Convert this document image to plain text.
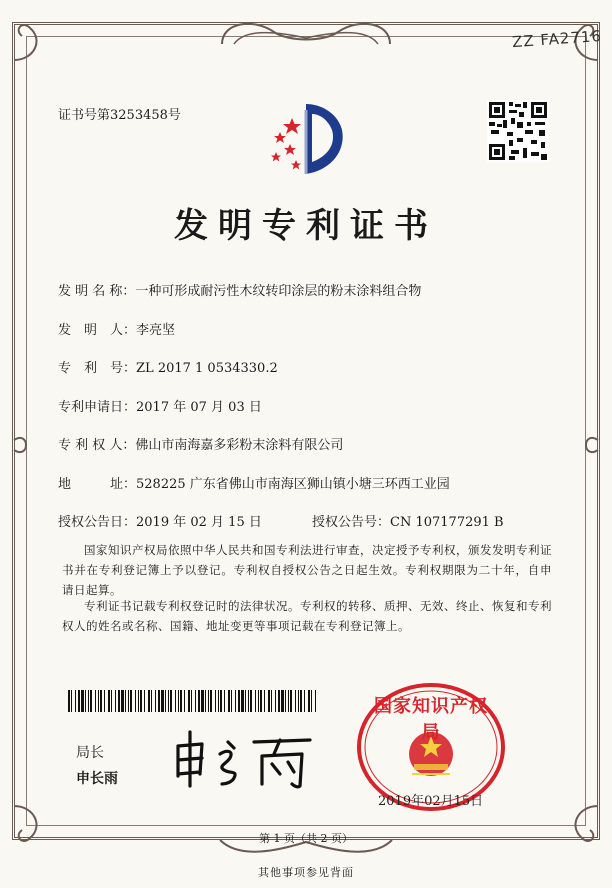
ZZ FA2716
证书号第3253458号
发明专利证书
发 明 名 称：一种可形成耐污性木纹转印涂层的粉末涂料组合物
发　明　人：李亮坚
专　利　号：ZL 2017 1 0534330.2
专利申请日：2017 年 07 月 03 日
专 利 权 人：佛山市南海嘉多彩粉末涂料有限公司
地　　　址：528225 广东省佛山市南海区狮山镇小塘三环西工业园
授权公告日：2019 年 02 月 15 日	授权公告号：CN 107177291 B
国家知识产权局依照中华人民共和国专利法进行审查，决定授予专利权，颁发发明专利证书并在专利登记簿上予以登记。专利权自授权公告之日起生效。专利权期限为二十年，自申请日起算。
专利证书记载专利权登记时的法律状况。专利权的转移、质押、无效、终止、恢复和专利权人的姓名或名称、国籍、地址变更等事项记载在专利登记簿上。
局长
申长雨
国家知识产权局
2019年02月15日
第 1 页（共 2 页）
其他事项参见背面
